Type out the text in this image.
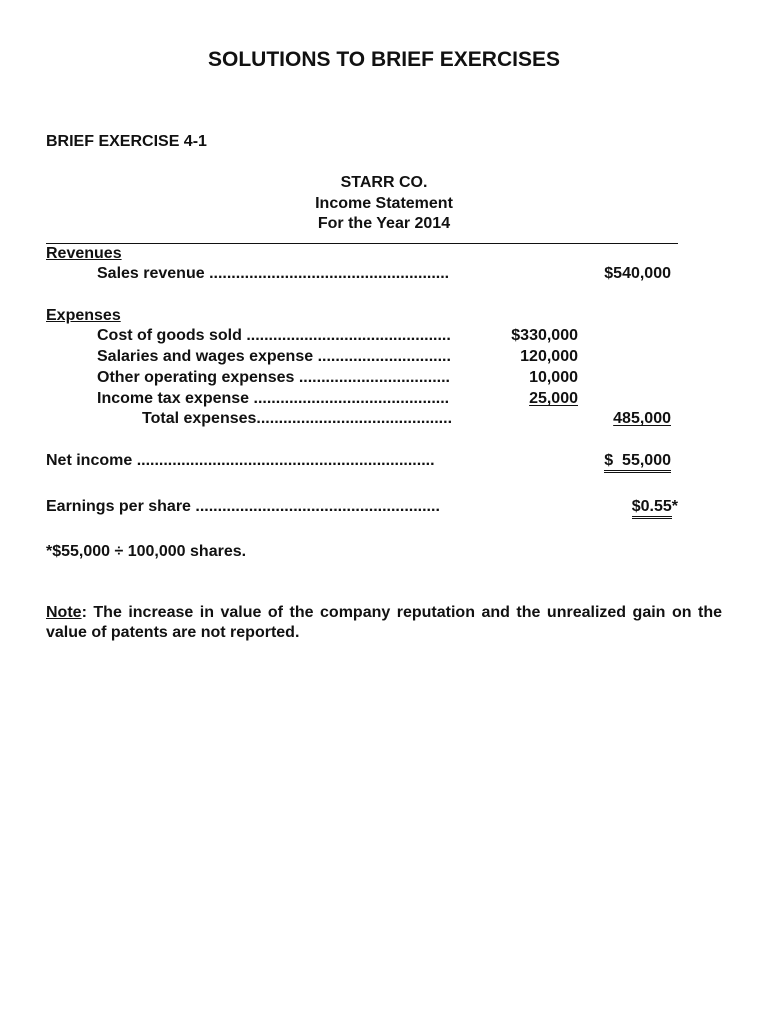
SOLUTIONS TO BRIEF EXERCISES
BRIEF EXERCISE 4-1
STARR CO.
Income Statement
For the Year 2014
Revenues
Sales revenue ......................................................	$540,000
Expenses
Cost of goods sold ..............................................	$330,000
Salaries and wages expense ..............................	120,000
Other operating expenses ..................................	10,000
Income tax expense ............................................	25,000
Total expenses............................................	485,000
Net income ...................................................................	$  55,000
Earnings per share .......................................................	$0.55*
*$55,000 ÷ 100,000 shares.
Note: The increase in value of the company reputation and the unrealized gain on the value of patents are not reported.
